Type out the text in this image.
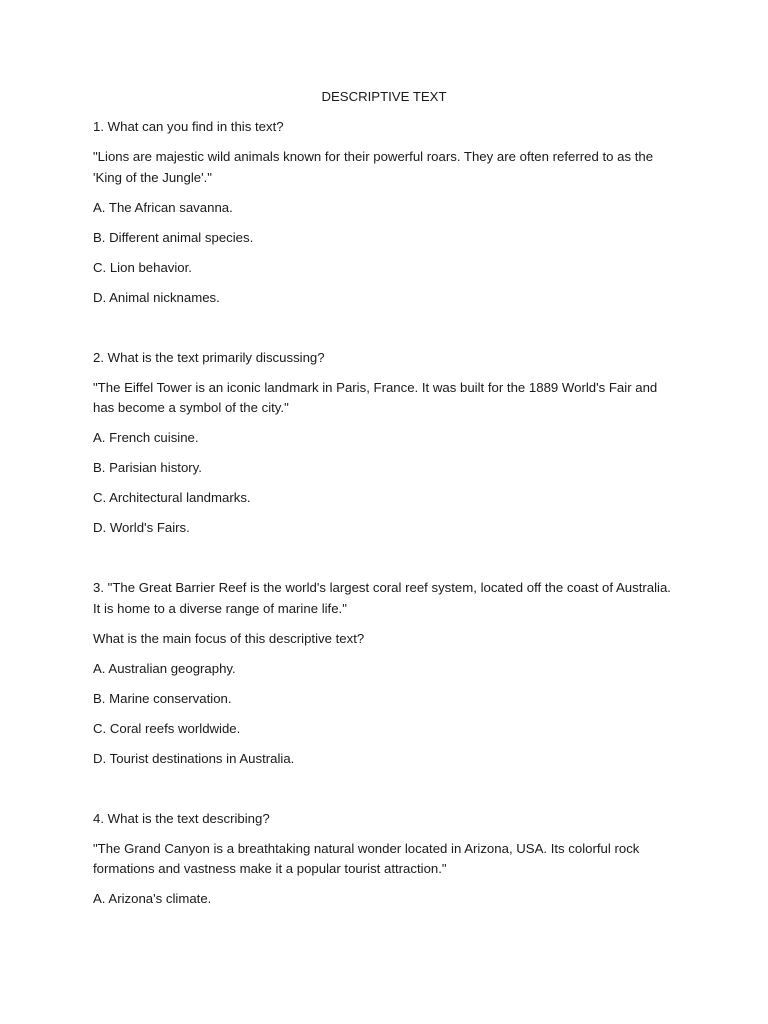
DESCRIPTIVE TEXT

1. What can you find in this text?

"Lions are majestic wild animals known for their powerful roars. They are often referred to as the 'King of the Jungle'."

A. The African savanna.

B. Different animal species.

C. Lion behavior.

D. Animal nicknames.

2. What is the text primarily discussing?

"The Eiffel Tower is an iconic landmark in Paris, France. It was built for the 1889 World's Fair and has become a symbol of the city."

A. French cuisine.

B. Parisian history.

C. Architectural landmarks.

D. World's Fairs.

3. "The Great Barrier Reef is the world's largest coral reef system, located off the coast of Australia. It is home to a diverse range of marine life."

What is the main focus of this descriptive text?

A. Australian geography.

B. Marine conservation.

C. Coral reefs worldwide.

D. Tourist destinations in Australia.

4. What is the text describing?

"The Grand Canyon is a breathtaking natural wonder located in Arizona, USA. Its colorful rock formations and vastness make it a popular tourist attraction."

A. Arizona's climate.
